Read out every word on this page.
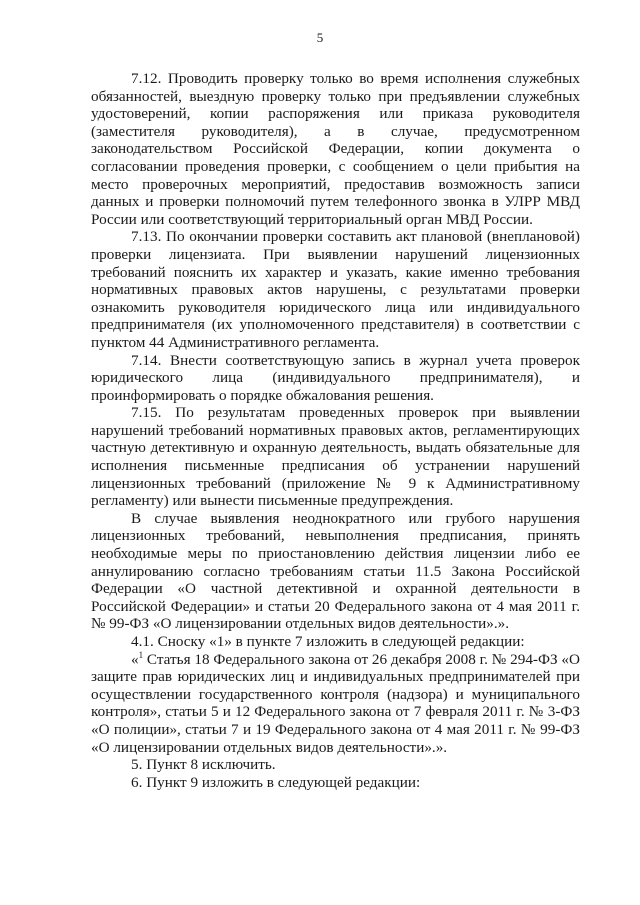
5

7.12. Проводить проверку только во время исполнения служебных обязанностей, выездную проверку только при предъявлении служебных удостоверений, копии распоряжения или приказа руководителя (заместителя руководителя), а в случае, предусмотренном законодательством Российской Федерации, копии документа о согласовании проведения проверки, с сообщением о цели прибытия на место проверочных мероприятий, предоставив возможность записи данных и проверки полномочий путем телефонного звонка в УЛРР МВД России или соответствующий территориальный орган МВД России.

7.13. По окончании проверки составить акт плановой (внеплановой) проверки лицензиата. При выявлении нарушений лицензионных требований пояснить их характер и указать, какие именно требования нормативных правовых актов нарушены, с результатами проверки ознакомить руководителя юридического лица или индивидуального предпринимателя (их уполномоченного представителя) в соответствии с пунктом 44 Административного регламента.

7.14. Внести соответствующую запись в журнал учета проверок юридического лица (индивидуального предпринимателя), и проинформировать о порядке обжалования решения.

7.15. По результатам проведенных проверок при выявлении нарушений требований нормативных правовых актов, регламентирующих частную детективную и охранную деятельность, выдать обязательные для исполнения письменные предписания об устранении нарушений лицензионных требований (приложение № 9 к Административному регламенту) или вынести письменные предупреждения.

В случае выявления неоднократного или грубого нарушения лицензионных требований, невыполнения предписания, принять необходимые меры по приостановлению действия лицензии либо ее аннулированию согласно требованиям статьи 11.5 Закона Российской Федерации «О частной детективной и охранной деятельности в Российской Федерации» и статьи 20 Федерального закона от 4 мая 2011 г. № 99-ФЗ «О лицензировании отдельных видов деятельности».».

4.1. Сноску «1» в пункте 7 изложить в следующей редакции:

«$^1$ Статья 18 Федерального закона от 26 декабря 2008 г. № 294-ФЗ «О защите прав юридических лиц и индивидуальных предпринимателей при осуществлении государственного контроля (надзора) и муниципального контроля», статьи 5 и 12 Федерального закона от 7 февраля 2011 г. № 3-ФЗ «О полиции», статьи 7 и 19 Федерального закона от 4 мая 2011 г. № 99-ФЗ «О лицензировании отдельных видов деятельности».».

5. Пункт 8 исключить.

6. Пункт 9 изложить в следующей редакции:
